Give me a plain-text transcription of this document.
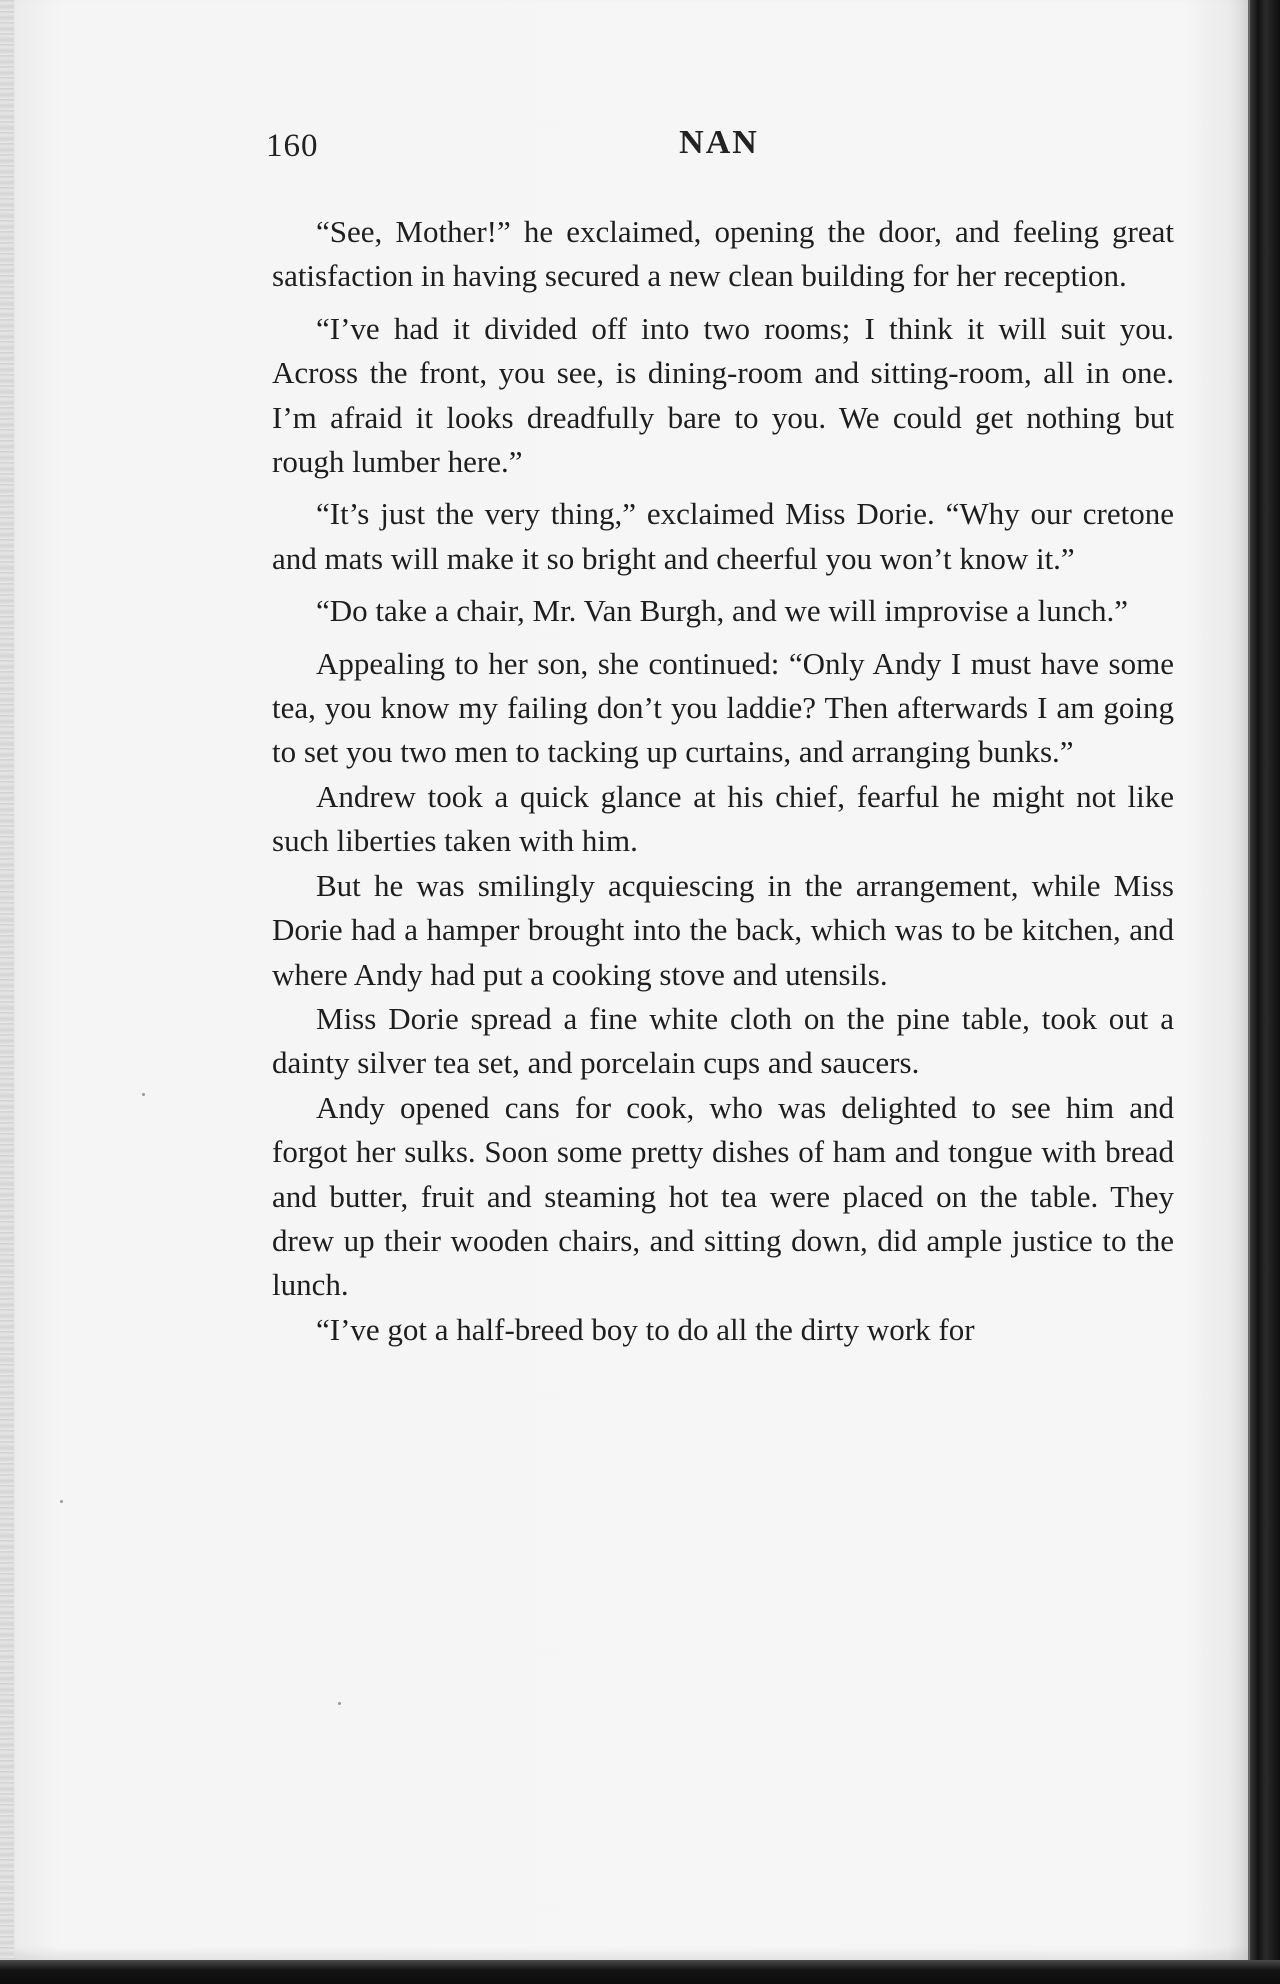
160	NAN

“See, Mother!” he exclaimed, opening the door, and feeling great satisfaction in having secured a new clean building for her reception.

“I’ve had it divided off into two rooms; I think it will suit you. Across the front, you see, is dining-room and sitting-room, all in one. I’m afraid it looks dreadfully bare to you. We could get nothing but rough lumber here.”

“It’s just the very thing,” exclaimed Miss Dorie. “Why our cretone and mats will make it so bright and cheerful you won’t know it.”

“Do take a chair, Mr. Van Burgh, and we will improvise a lunch.”

Appealing to her son, she continued: “Only Andy I must have some tea, you know my failing don’t you laddie? Then afterwards I am going to set you two men to tacking up curtains, and arranging bunks.”

Andrew took a quick glance at his chief, fearful he might not like such liberties taken with him.

But he was smilingly acquiescing in the arrangement, while Miss Dorie had a hamper brought into the back, which was to be kitchen, and where Andy had put a cooking stove and utensils.

Miss Dorie spread a fine white cloth on the pine table, took out a dainty silver tea set, and porcelain cups and saucers.

Andy opened cans for cook, who was delighted to see him and forgot her sulks. Soon some pretty dishes of ham and tongue with bread and butter, fruit and steaming hot tea were placed on the table. They drew up their wooden chairs, and sitting down, did ample justice to the lunch.

“I’ve got a half-breed boy to do all the dirty work for
